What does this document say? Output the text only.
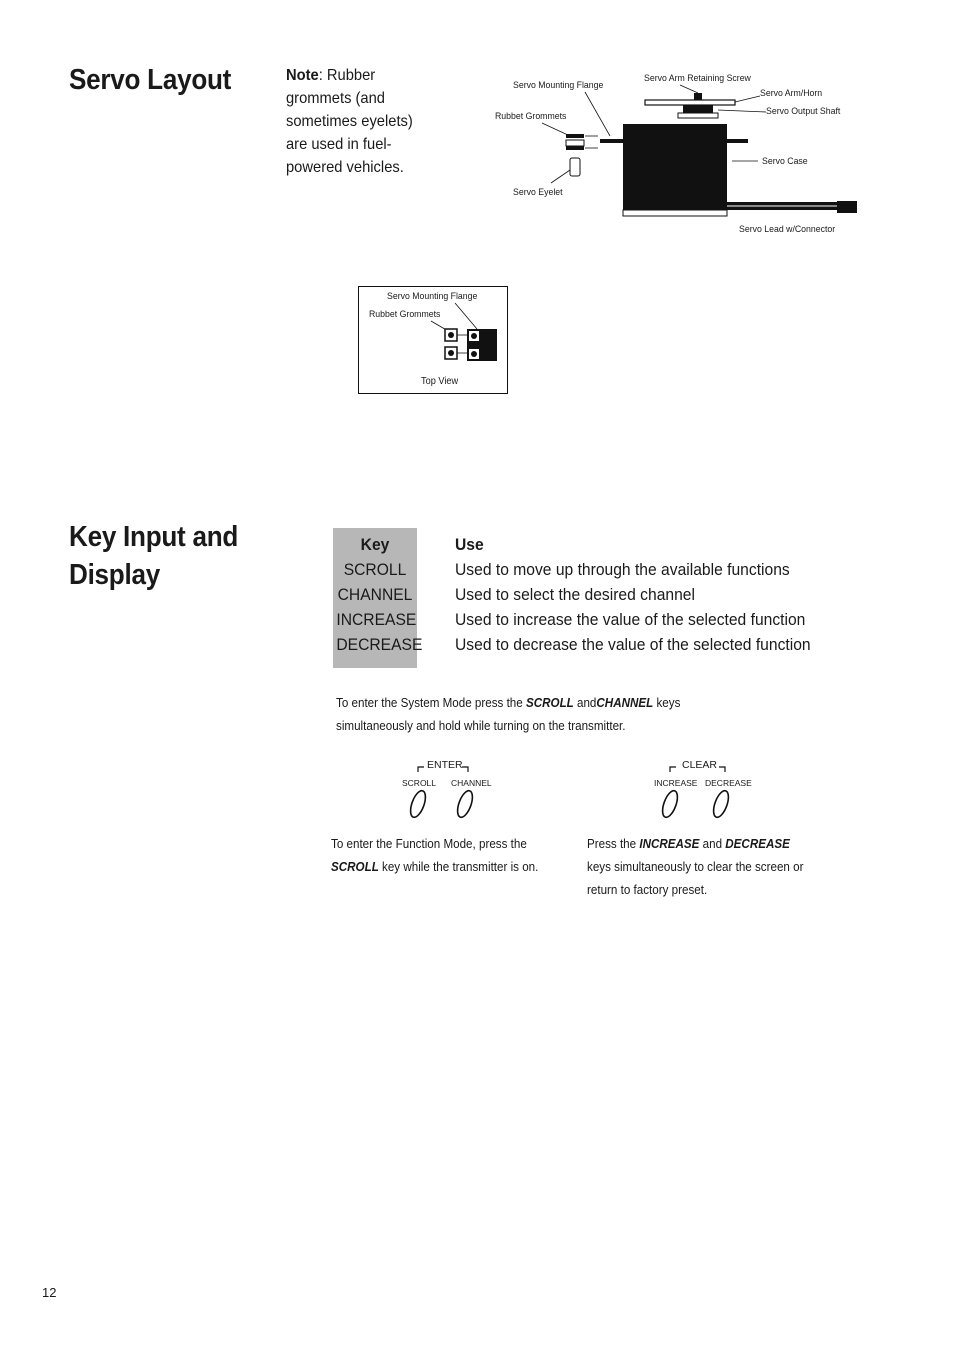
Servo Layout	Note: Rubber grommets (and sometimes eyelets) are used in fuel-powered vehicles.
Servo Mounting Flange
Servo Arm Retaining Screw
Servo Arm/Horn
Servo Output Shaft
Rubbet Grommets
Servo Case
Servo Eyelet
Servo Lead w/Connector
Servo Mounting Flange
Rubbet Grommets
Top View
Key Input and
Display
Key
SCROLL
CHANNEL
INCREASE
DECREASE
Use
Used to move up through the available functions
Used to select the desired channel
Used to increase the value of the selected function
Used to decrease the value of the selected function
To enter the System Mode press the SCROLL andCHANNEL keys
simultaneously and hold while turning on the transmitter.
ENTER
SCROLL CHANNEL
CLEAR
INCREASE DECREASE
To enter the Function Mode, press the
SCROLL key while the transmitter is on.
Press the INCREASE and DECREASE
keys simultaneously to clear the screen or
return to factory preset.
12
